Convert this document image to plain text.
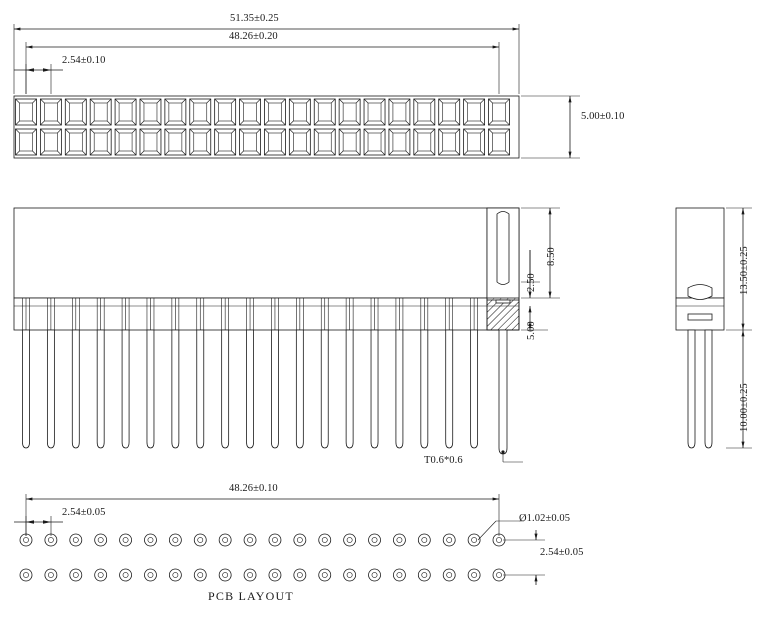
51.35±0.25
48.26±0.20
2.54±0.10
5.00±0.10
8.50
2.50
5.00
T0.6*0.6
13.50±0.25
10.00±0.25
48.26±0.10
2.54±0.05
Ø1.02±0.05
2.54±0.05
PCB LAYOUT
